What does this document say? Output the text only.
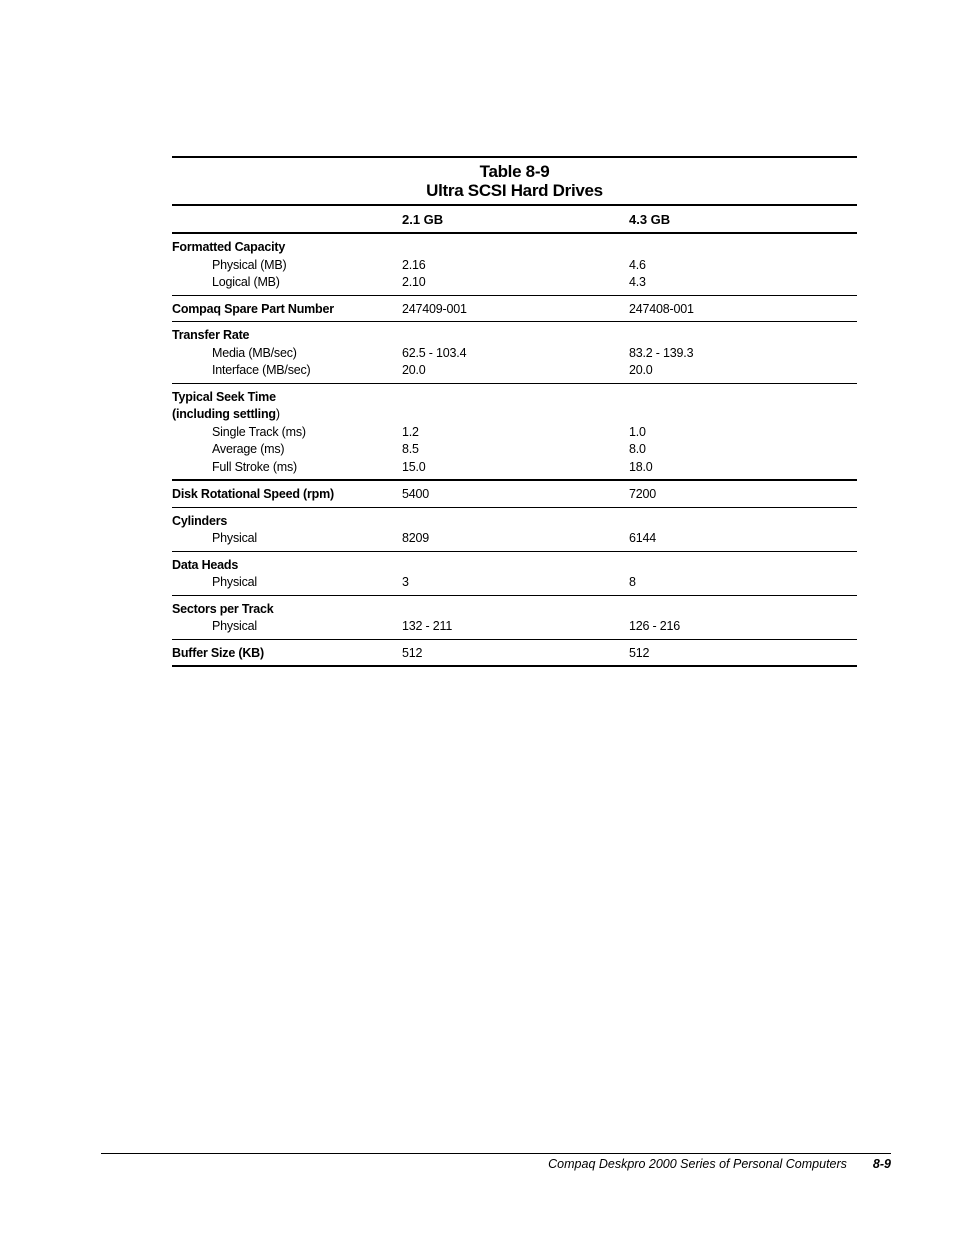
Table 8-9
Ultra SCSI Hard Drives
2.1 GB	4.3 GB
Formatted Capacity
Physical (MB)	2.16	4.6
Logical (MB)	2.10	4.3
Compaq Spare Part Number	247409-001	247408-001
Transfer Rate
Media (MB/sec)	62.5 - 103.4	83.2 - 139.3
Interface (MB/sec)	20.0	20.0
Typical Seek Time
(including settling)
Single Track (ms)	1.2	1.0
Average (ms)	8.5	8.0
Full Stroke (ms)	15.0	18.0
Disk Rotational Speed (rpm)	5400	7200
Cylinders
Physical	8209	6144
Data Heads
Physical	3	8
Sectors per Track
Physical	132 - 211	126 - 216
Buffer Size (KB)	512	512
Compaq Deskpro 2000 Series of Personal Computers 8-9
